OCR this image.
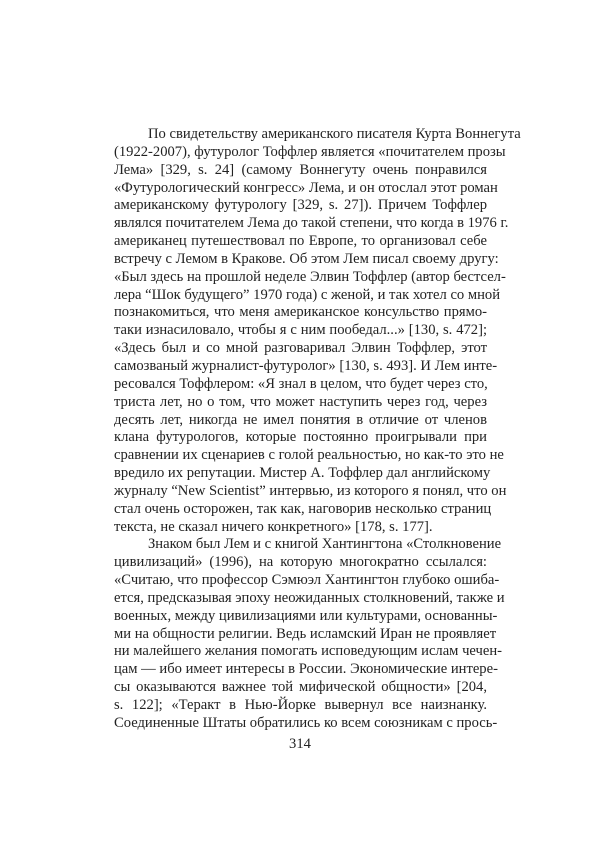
По свидетельству американского писателя Курта Воннегута
(1922-2007), футуролог Тоффлер является «почитателем прозы
Лема» [329, s. 24] (самому Воннегуту очень понравился
«Футурологический конгресс» Лема, и он отослал этот роман
американскому футурологу [329, s. 27]). Причем Тоффлер
являлся почитателем Лема до такой степени, что когда в 1976 г.
американец путешествовал по Европе, то организовал себе
встречу с Лемом в Кракове. Об этом Лем писал своему другу:
«Был здесь на прошлой неделе Элвин Тоффлер (автор бестсел-
лера “Шок будущего” 1970 года) с женой, и так хотел со мной
познакомиться, что меня американское консульство прямо-
таки изнасиловало, чтобы я с ним пообедал...» [130, s. 472];
«Здесь был и со мной разговаривал Элвин Тоффлер, этот
самозваный журналист-футуролог» [130, s. 493]. И Лем инте-
ресовался Тоффлером: «Я знал в целом, что будет через сто,
триста лет, но о том, что может наступить через год, через
десять лет, никогда не имел понятия в отличие от членов
клана футурологов, которые постоянно проигрывали при
сравнении их сценариев с голой реальностью, но как-то это не
вредило их репутации. Мистер А. Тоффлер дал английскому
журналу “New Scientist” интервью, из которого я понял, что он
стал очень осторожен, так как, наговорив несколько страниц
текста, не сказал ничего конкретного» [178, s. 177].
Знаком был Лем и с книгой Хантингтона «Столкновение
цивилизаций» (1996), на которую многократно ссылался:
«Считаю, что профессор Сэмюэл Хантингтон глубоко ошиба-
ется, предсказывая эпоху неожиданных столкновений, также и
военных, между цивилизациями или культурами, основанны-
ми на общности религии. Ведь исламский Иран не проявляет
ни малейшего желания помогать исповедующим ислам чечен-
цам — ибо имеет интересы в России. Экономические интере-
сы оказываются важнее той мифической общности» [204,
s. 122]; «Теракт в Нью-Йорке вывернул все наизнанку.
Соединенные Штаты обратились ко всем союзникам с прось-
314
